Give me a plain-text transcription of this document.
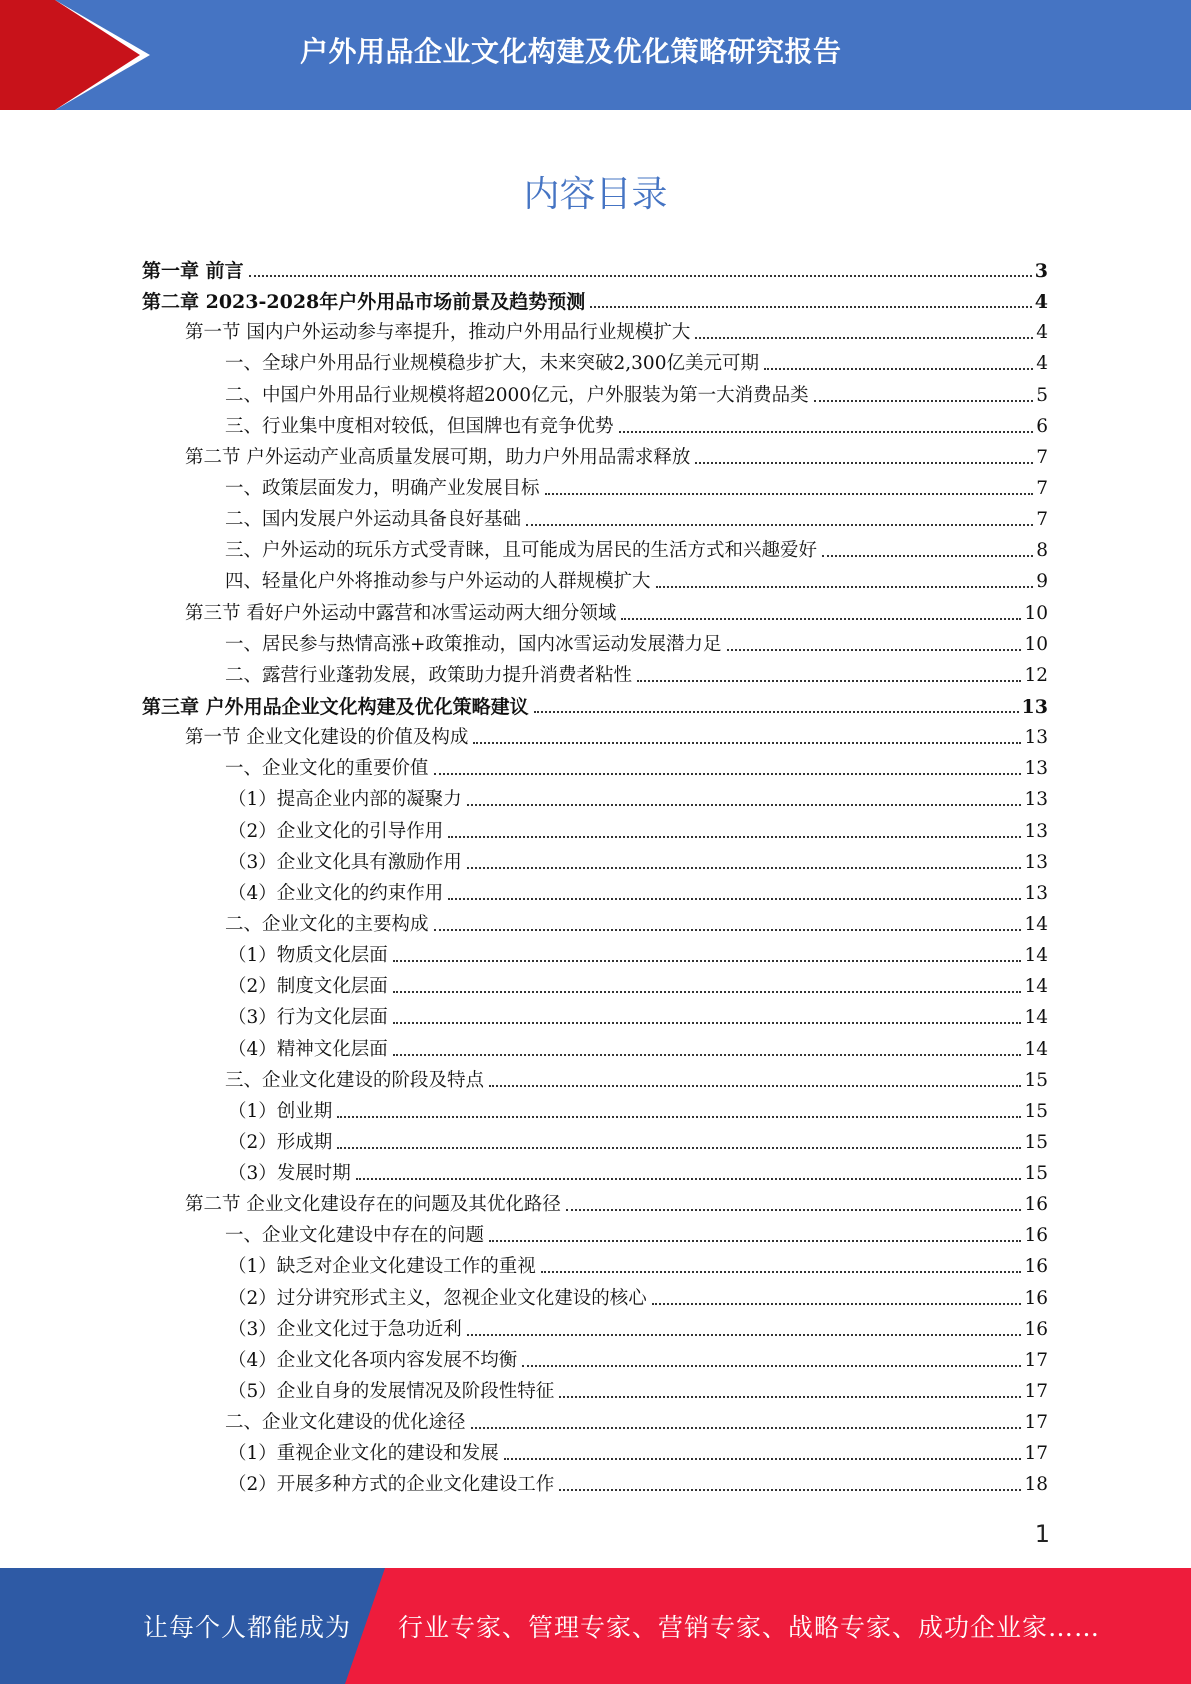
户外用品企业文化构建及优化策略研究报告
内容目录
第一章 前言	3
第二章 2023-2028年户外用品市场前景及趋势预测	4
第一节 国内户外运动参与率提升，推动户外用品行业规模扩大	4
一、全球户外用品行业规模稳步扩大，未来突破2,300亿美元可期	4
二、中国户外用品行业规模将超2000亿元，户外服装为第一大消费品类	5
三、行业集中度相对较低，但国牌也有竞争优势	6
第二节 户外运动产业高质量发展可期，助力户外用品需求释放	7
一、政策层面发力，明确产业发展目标	7
二、国内发展户外运动具备良好基础	7
三、户外运动的玩乐方式受青睐，且可能成为居民的生活方式和兴趣爱好	8
四、轻量化户外将推动参与户外运动的人群规模扩大	9
第三节 看好户外运动中露营和冰雪运动两大细分领域	10
一、居民参与热情高涨+政策推动，国内冰雪运动发展潜力足	10
二、露营行业蓬勃发展，政策助力提升消费者粘性	12
第三章 户外用品企业文化构建及优化策略建议	13
第一节 企业文化建设的价值及构成	13
一、企业文化的重要价值	13
（1）提高企业内部的凝聚力	13
（2）企业文化的引导作用	13
（3）企业文化具有激励作用	13
（4）企业文化的约束作用	13
二、企业文化的主要构成	14
（1）物质文化层面	14
（2）制度文化层面	14
（3）行为文化层面	14
（4）精神文化层面	14
三、企业文化建设的阶段及特点	15
（1）创业期	15
（2）形成期	15
（3）发展时期	15
第二节 企业文化建设存在的问题及其优化路径	16
一、企业文化建设中存在的问题	16
（1）缺乏对企业文化建设工作的重视	16
（2）过分讲究形式主义，忽视企业文化建设的核心	16
（3）企业文化过于急功近利	16
（4）企业文化各项内容发展不均衡	17
（5）企业自身的发展情况及阶段性特征	17
二、企业文化建设的优化途径	17
（1）重视企业文化的建设和发展	17
（2）开展多种方式的企业文化建设工作	18
1
让每个人都能成为 行业专家、管理专家、营销专家、战略专家、成功企业家……
